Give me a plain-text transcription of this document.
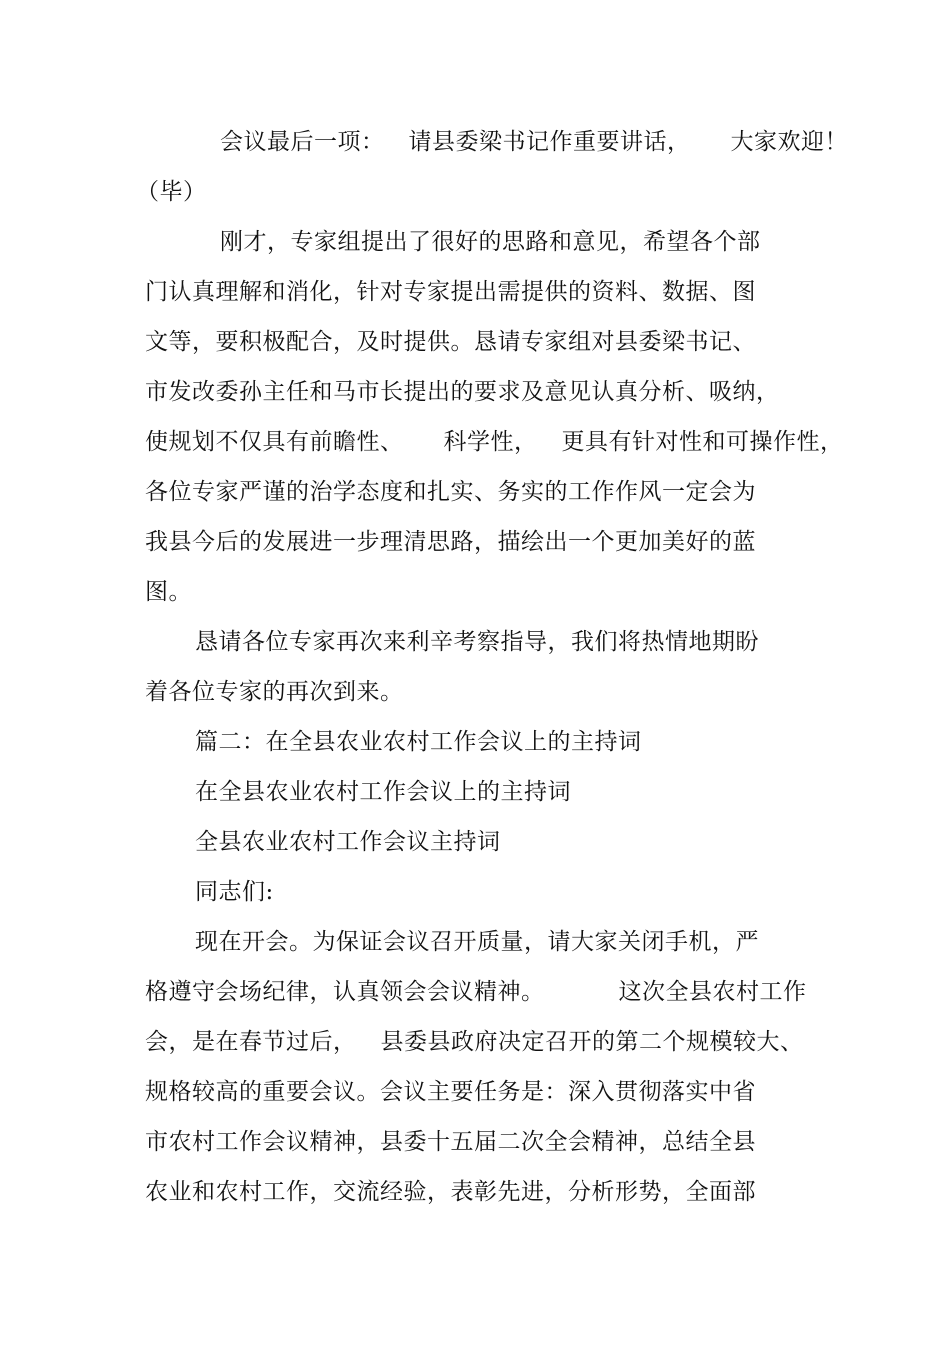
会议最后一项： 请县委梁书记作重要讲话， 大家欢迎！
（毕）
刚才，专家组提出了很好的思路和意见，希望各个部
门认真理解和消化，针对专家提出需提供的资料、数据、图
文等，要积极配合，及时提供。恳请专家组对县委梁书记、
市发改委孙主任和马市长提出的要求及意见认真分析、吸纳，
使规划不仅具有前瞻性、 科学性， 更具有针对性和可操作性，
各位专家严谨的治学态度和扎实、务实的工作作风一定会为
我县今后的发展进一步理清思路，描绘出一个更加美好的蓝
图。
恳请各位专家再次来利辛考察指导，我们将热情地期盼
着各位专家的再次到来。
篇二：在全县农业农村工作会议上的主持词
在全县农业农村工作会议上的主持词
全县农业农村工作会议主持词
同志们:
现在开会。为保证会议召开质量，请大家关闭手机，严
格遵守会场纪律，认真领会会议精神。	这次全县农村工作
会，是在春节过后， 县委县政府决定召开的第二个规模较大、
规格较高的重要会议。会议主要任务是：深入贯彻落实中省
市农村工作会议精神，县委十五届二次全会精神，总结全县
农业和农村工作，交流经验，表彰先进，分析形势，全面部
